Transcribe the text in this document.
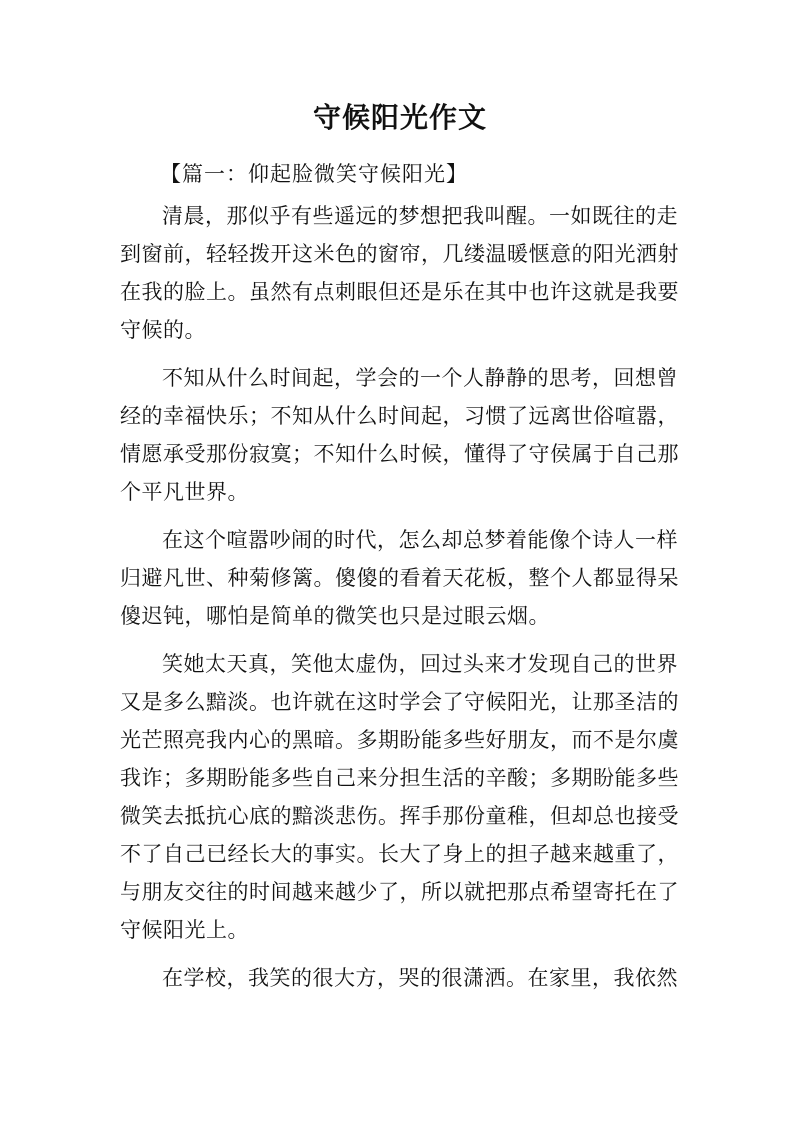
守候阳光作文
【篇一：仰起脸微笑守候阳光】

清晨，那似乎有些遥远的梦想把我叫醒。一如既往的走
到窗前，轻轻拨开这米色的窗帘，几缕温暖惬意的阳光洒射
在我的脸上。虽然有点刺眼但还是乐在其中也许这就是我要
守候的。

不知从什么时间起，学会的一个人静静的思考，回想曾
经的幸福快乐；不知从什么时间起，习惯了远离世俗喧嚣，
情愿承受那份寂寞；不知什么时候，懂得了守侯属于自己那
个平凡世界。

在这个喧嚣吵闹的时代，怎么却总梦着能像个诗人一样
归避凡世、种菊修篱。傻傻的看着天花板，整个人都显得呆
傻迟钝，哪怕是简单的微笑也只是过眼云烟。

笑她太天真，笑他太虚伪，回过头来才发现自己的世界
又是多么黯淡。也许就在这时学会了守候阳光，让那圣洁的
光芒照亮我内心的黑暗。多期盼能多些好朋友，而不是尔虞
我诈；多期盼能多些自己来分担生活的辛酸；多期盼能多些
微笑去抵抗心底的黯淡悲伤。挥手那份童稚，但却总也接受
不了自己已经长大的事实。长大了身上的担子越来越重了，
与朋友交往的时间越来越少了，所以就把那点希望寄托在了
守候阳光上。

在学校，我笑的很大方，哭的很潇洒。在家里，我依然
